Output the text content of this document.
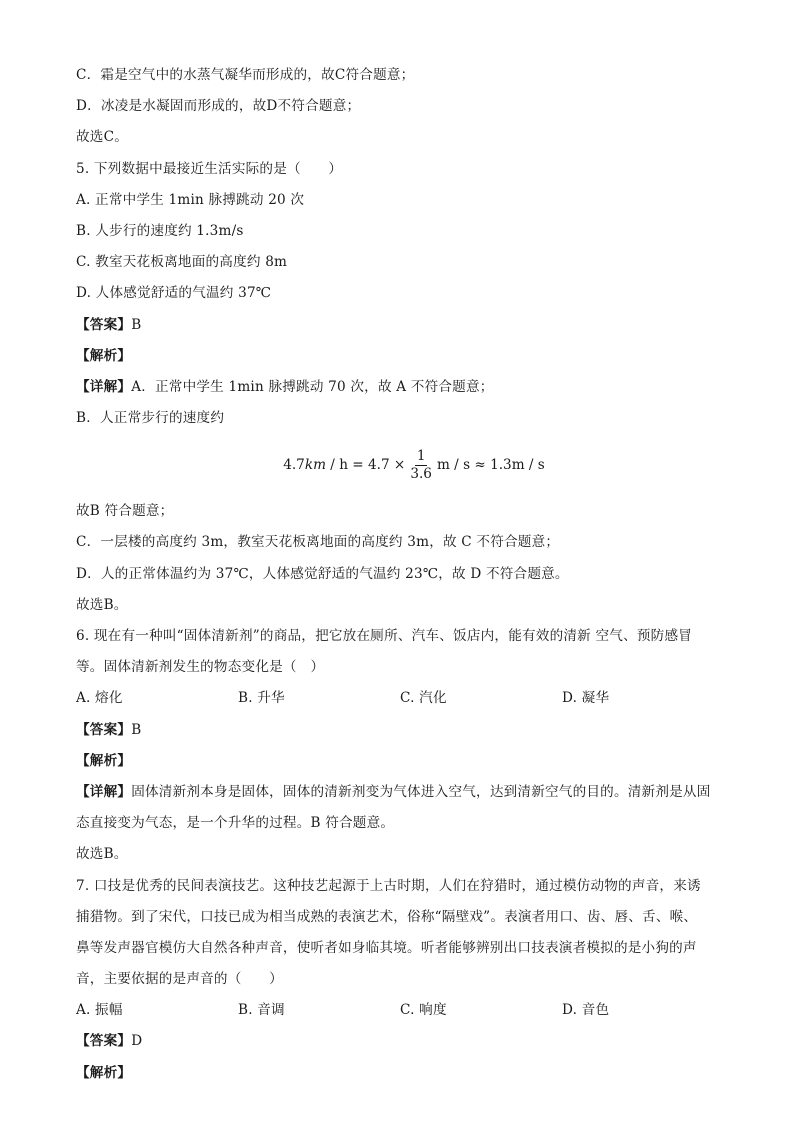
C．霜是空气中的水蒸气凝华而形成的，故C符合题意；
D．冰凌是水凝固而形成的，故D不符合题意；
故选C。
5. 下列数据中最接近生活实际的是（　　）
A. 正常中学生 1min 脉搏跳动 20 次
B. 人步行的速度约 1.3m/s
C. 教室天花板离地面的高度约 8m
D. 人体感觉舒适的气温约 37℃
【答案】B
【解析】
【详解】A．正常中学生 1min 脉搏跳动 70 次，故 A 不符合题意；
B．人正常步行的速度约
4.7 km
/ $h = 4.7 \times \frac{1}{3.6}$ m / s ≈ 1.3m / s
故B 符合题意；
C．一层楼的高度约 3m，教室天花板离地面的高度约 3m，故 C 不符合题意；
D．人的正常体温约为 37℃，人体感觉舒适的气温约 23℃，故 D 不符合题意。
故选B。
6. 现在有一种叫“固体清新剂”的商品，把它放在厕所、汽车、饭店内，能有效的清新 空气、预防感冒
等。固体清新剂发生的物态变化是（　）
A. 熔化	B. 升华	C. 汽化	D. 凝华
【答案】B
【解析】
【详解】固体清新剂本身是固体，固体的清新剂变为气体进入空气，达到清新空气的目的。清新剂是从固
态直接变为气态，是一个升华的过程。B 符合题意。
故选B。
7. 口技是优秀的民间表演技艺。这种技艺起源于上古时期，人们在狩猎时，通过模仿动物的声音，来诱
捕猎物。到了宋代，口技已成为相当成熟的表演艺术，俗称“隔壁戏”。表演者用口、齿、唇、舌、喉、
鼻等发声器官模仿大自然各种声音，使听者如身临其境。听者能够辨别出口技表演者模拟的是小狗的声
音，主要依据的是声音的（　　）
A. 振幅	B. 音调	C. 响度	D. 音色
【答案】D
【解析】
